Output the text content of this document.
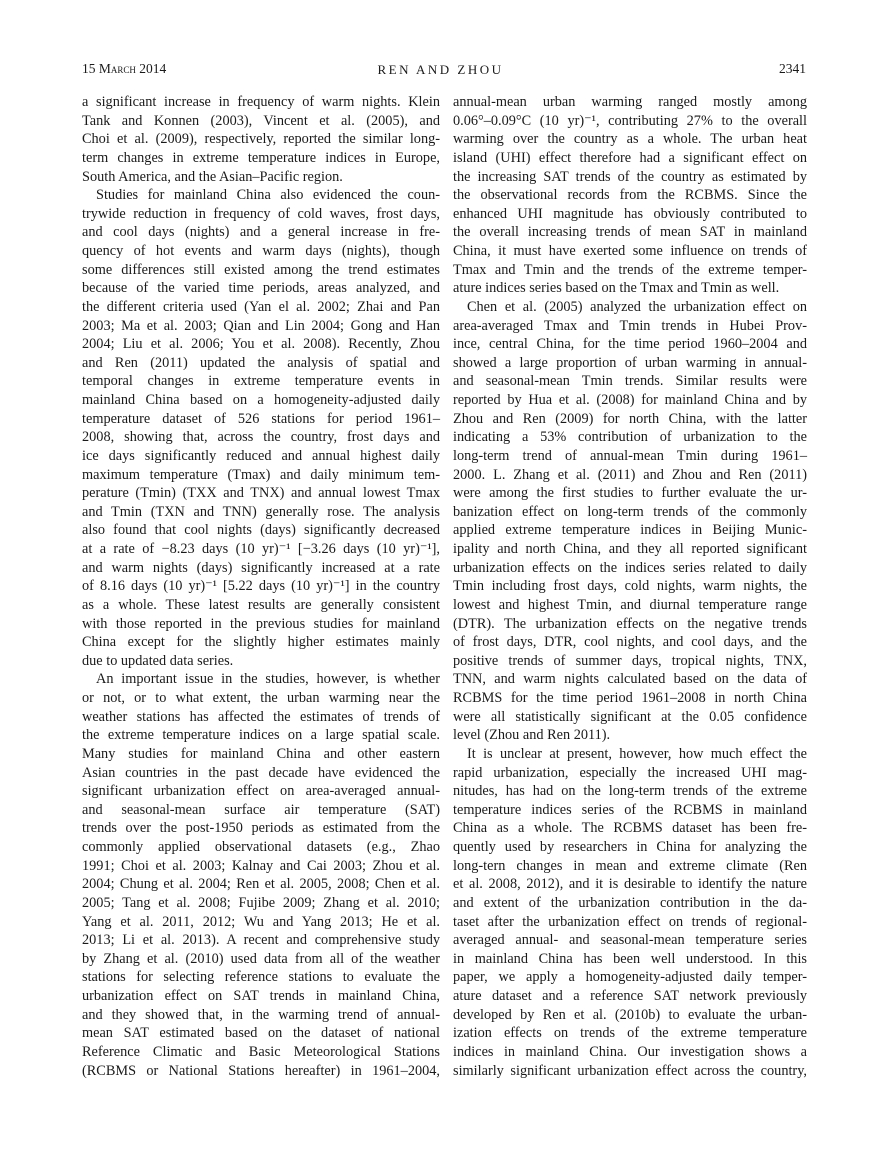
15 March 2014	REN AND ZHOU	2341
a significant increase in frequency of warm nights. Klein
Tank and Konnen (2003), Vincent et al. (2005), and
Choi et al. (2009), respectively, reported the similar long-
term changes in extreme temperature indices in Europe,
South America, and the Asian–Pacific region.
Studies for mainland China also evidenced the coun-
trywide reduction in frequency of cold waves, frost days,
and cool days (nights) and a general increase in fre-
quency of hot events and warm days (nights), though
some differences still existed among the trend estimates
because of the varied time periods, areas analyzed, and
the different criteria used (Yan el al. 2002; Zhai and Pan
2003; Ma et al. 2003; Qian and Lin 2004; Gong and Han
2004; Liu et al. 2006; You et al. 2008). Recently, Zhou
and Ren (2011) updated the analysis of spatial and
temporal changes in extreme temperature events in
mainland China based on a homogeneity-adjusted daily
temperature dataset of 526 stations for period 1961–
2008, showing that, across the country, frost days and
ice days significantly reduced and annual highest daily
maximum temperature (Tmax) and daily minimum tem-
perature (Tmin) (TXX and TNX) and annual lowest Tmax
and Tmin (TXN and TNN) generally rose. The analysis
also found that cool nights (days) significantly decreased
at a rate of −8.23 days (10 yr)⁻¹ [−3.26 days (10 yr)⁻¹],
and warm nights (days) significantly increased at a rate
of 8.16 days (10 yr)⁻¹ [5.22 days (10 yr)⁻¹] in the country
as a whole. These latest results are generally consistent
with those reported in the previous studies for mainland
China except for the slightly higher estimates mainly
due to updated data series.
An important issue in the studies, however, is whether
or not, or to what extent, the urban warming near the
weather stations has affected the estimates of trends of
the extreme temperature indices on a large spatial scale.
Many studies for mainland China and other eastern
Asian countries in the past decade have evidenced the
significant urbanization effect on area-averaged annual-
and seasonal-mean surface air temperature (SAT)
trends over the post-1950 periods as estimated from the
commonly applied observational datasets (e.g., Zhao
1991; Choi et al. 2003; Kalnay and Cai 2003; Zhou et al.
2004; Chung et al. 2004; Ren et al. 2005, 2008; Chen et al.
2005; Tang et al. 2008; Fujibe 2009; Zhang et al. 2010;
Yang et al. 2011, 2012; Wu and Yang 2013; He et al.
2013; Li et al. 2013). A recent and comprehensive study
by Zhang et al. (2010) used data from all of the weather
stations for selecting reference stations to evaluate the
urbanization effect on SAT trends in mainland China,
and they showed that, in the warming trend of annual-
mean SAT estimated based on the dataset of national
Reference Climatic and Basic Meteorological Stations
(RCBMS or National Stations hereafter) in 1961–2004,
annual-mean urban warming ranged mostly among
0.06°–0.09°C (10 yr)⁻¹, contributing 27% to the overall
warming over the country as a whole. The urban heat
island (UHI) effect therefore had a significant effect on
the increasing SAT trends of the country as estimated by
the observational records from the RCBMS. Since the
enhanced UHI magnitude has obviously contributed to
the overall increasing trends of mean SAT in mainland
China, it must have exerted some influence on trends of
Tmax and Tmin and the trends of the extreme temper-
ature indices series based on the Tmax and Tmin as well.
Chen et al. (2005) analyzed the urbanization effect on
area-averaged Tmax and Tmin trends in Hubei Prov-
ince, central China, for the time period 1960–2004 and
showed a large proportion of urban warming in annual-
and seasonal-mean Tmin trends. Similar results were
reported by Hua et al. (2008) for mainland China and by
Zhou and Ren (2009) for north China, with the latter
indicating a 53% contribution of urbanization to the
long-term trend of annual-mean Tmin during 1961–
2000. L. Zhang et al. (2011) and Zhou and Ren (2011)
were among the first studies to further evaluate the ur-
banization effect on long-term trends of the commonly
applied extreme temperature indices in Beijing Munic-
ipality and north China, and they all reported significant
urbanization effects on the indices series related to daily
Tmin including frost days, cold nights, warm nights, the
lowest and highest Tmin, and diurnal temperature range
(DTR). The urbanization effects on the negative trends
of frost days, DTR, cool nights, and cool days, and the
positive trends of summer days, tropical nights, TNX,
TNN, and warm nights calculated based on the data of
RCBMS for the time period 1961–2008 in north China
were all statistically significant at the 0.05 confidence
level (Zhou and Ren 2011).
It is unclear at present, however, how much effect the
rapid urbanization, especially the increased UHI mag-
nitudes, has had on the long-term trends of the extreme
temperature indices series of the RCBMS in mainland
China as a whole. The RCBMS dataset has been fre-
quently used by researchers in China for analyzing the
long-tern changes in mean and extreme climate (Ren
et al. 2008, 2012), and it is desirable to identify the nature
and extent of the urbanization contribution in the da-
taset after the urbanization effect on trends of regional-
averaged annual- and seasonal-mean temperature series
in mainland China has been well understood. In this
paper, we apply a homogeneity-adjusted daily temper-
ature dataset and a reference SAT network previously
developed by Ren et al. (2010b) to evaluate the urban-
ization effects on trends of the extreme temperature
indices in mainland China. Our investigation shows a
similarly significant urbanization effect across the country,
